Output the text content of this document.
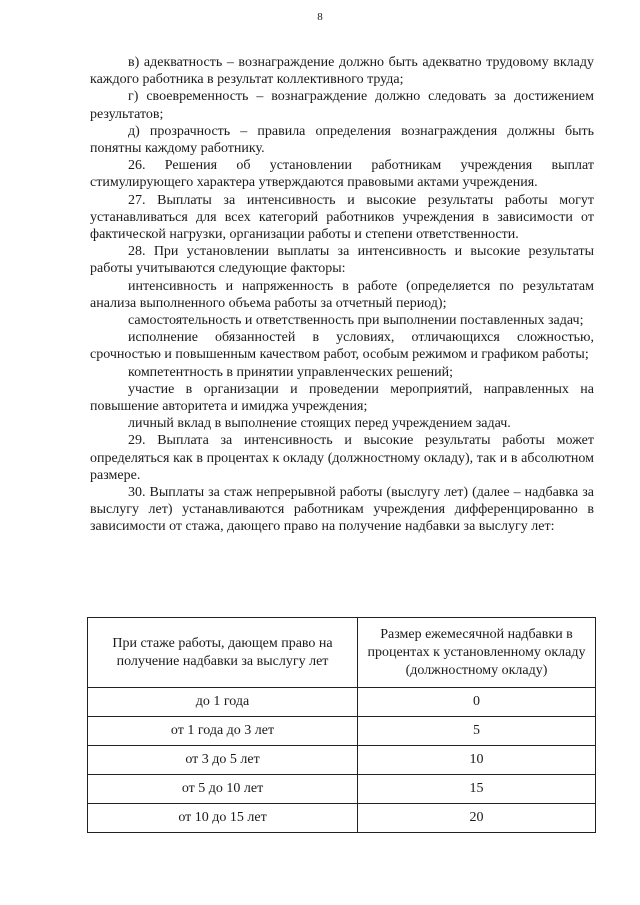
8

в) адекватность – вознаграждение должно быть адекватно трудовому вкладу каждого работника в результат коллективного труда;

г) своевременность – вознаграждение должно следовать за достижением результатов;

д) прозрачность – правила определения вознаграждения должны быть понятны каждому работнику.

26. Решения об установлении работникам учреждения выплат стимулирующего характера утверждаются правовыми актами учреждения.

27. Выплаты за интенсивность и высокие результаты работы могут устанавливаться для всех категорий работников учреждения в зависимости от фактической нагрузки, организации работы и степени ответственности.

28. При установлении выплаты за интенсивность и высокие результаты работы учитываются следующие факторы:

интенсивность и напряженность в работе (определяется по результатам анализа выполненного объема работы за отчетный период);

самостоятельность и ответственность при выполнении поставленных задач;

исполнение обязанностей в условиях, отличающихся сложностью, срочностью и повышенным качеством работ, особым режимом и графиком работы;

компетентность в принятии управленческих решений;

участие в организации и проведении мероприятий, направленных на повышение авторитета и имиджа учреждения;

личный вклад в выполнение стоящих перед учреждением задач.

29. Выплата за интенсивность и высокие результаты работы может определяться как в процентах к окладу (должностному окладу), так и в абсолютном размере.

30. Выплаты за стаж непрерывной работы (выслугу лет) (далее – надбавка за выслугу лет) устанавливаются работникам учреждения дифференцированно в зависимости от стажа, дающего право на получение надбавки за выслугу лет:

При стаже работы, дающем право на получение надбавки за выслугу лет	Размер ежемесячной надбавки в процентах к установленному окладу (должностному окладу)
до 1 года	0
от 1 года до 3 лет	5
от 3 до 5 лет	10
от 5 до 10 лет	15
от 10 до 15 лет	20
